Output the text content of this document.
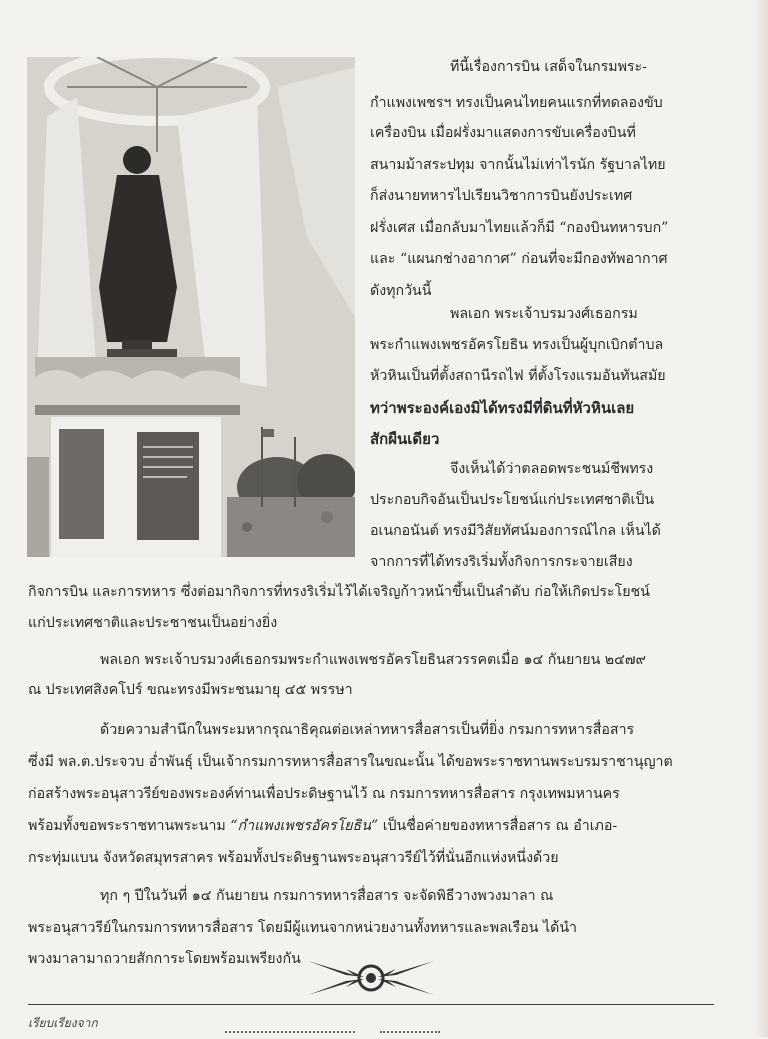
ทีนี้เรื่องการบิน เสด็จในกรมพระ-
กำแพงเพชรฯ ทรงเป็นคนไทยคนแรกที่ทดลองขับ
เครื่องบิน เมื่อฝรั่งมาแสดงการขับเครื่องบินที่
สนามม้าสระปทุม จากนั้นไม่เท่าไรนัก รัฐบาลไทย
ก็ส่งนายทหารไปเรียนวิชาการบินยังประเทศ
ฝรั่งเศส เมื่อกลับมาไทยแล้วก็มี “กองบินทหารบก”
และ “แผนกช่างอากาศ” ก่อนที่จะมีกองทัพอากาศ
ดังทุกวันนี้
พลเอก พระเจ้าบรมวงศ์เธอกรม
พระกำแพงเพชรอัครโยธิน ทรงเป็นผู้บุกเบิกตำบล
หัวหินเป็นที่ตั้งสถานีรถไฟ ที่ตั้งโรงแรมอันทันสมัย
ทว่าพระองค์เองมิได้ทรงมีที่ดินที่หัวหินเลย
สักผืนเดียว
จึงเห็นได้ว่าตลอดพระชนม์ชีพทรง
ประกอบกิจอันเป็นประโยชน์แก่ประเทศชาติเป็น
อเนกอนันต์ ทรงมีวิสัยทัศน์มองการณ์ไกล เห็นได้
จากการที่ได้ทรงริเริ่มทั้งกิจการกระจายเสียง
กิจการบิน และการทหาร ซึ่งต่อมากิจการที่ทรงริเริ่มไว้ได้เจริญก้าวหน้าขึ้นเป็นลำดับ ก่อให้เกิดประโยชน์
แก่ประเทศชาติและประชาชนเป็นอย่างยิ่ง
พลเอก พระเจ้าบรมวงศ์เธอกรมพระกำแพงเพชรอัครโยธินสวรรคตเมื่อ ๑๔ กันยายน ๒๔๗๙
ณ ประเทศสิงคโปร์ ขณะทรงมีพระชนมายุ ๔๕ พรรษา
ด้วยความสำนึกในพระมหากรุณาธิคุณต่อเหล่าทหารสื่อสารเป็นที่ยิ่ง กรมการทหารสื่อสาร
ซึ่งมี พล.ต.ประจวบ อ่ำพันธุ์ เป็นเจ้ากรมการทหารสื่อสารในขณะนั้น ได้ขอพระราชทานพระบรมราชานุญาต
ก่อสร้างพระอนุสาวรีย์ของพระองค์ท่านเพื่อประดิษฐานไว้ ณ กรมการทหารสื่อสาร กรุงเทพมหานคร
พร้อมทั้งขอพระราชทานพระนาม “กำแพงเพชรอัครโยธิน” เป็นชื่อค่ายของทหารสื่อสาร ณ อำเภอ-
กระทุ่มแบน จังหวัดสมุทรสาคร พร้อมทั้งประดิษฐานพระอนุสาวรีย์ไว้ที่นั่นอีกแห่งหนึ่งด้วย
ทุก ๆ ปีในวันที่ ๑๔ กันยายน กรมการทหารสื่อสาร จะจัดพิธีวางพวงมาลา ณ
พระอนุสาวรีย์ในกรมการทหารสื่อสาร โดยมีผู้แทนจากหน่วยงานทั้งทหารและพลเรือน ได้นำ
พวงมาลามาถวายสักการะโดยพร้อมเพรียงกัน
เรียบเรียงจาก
